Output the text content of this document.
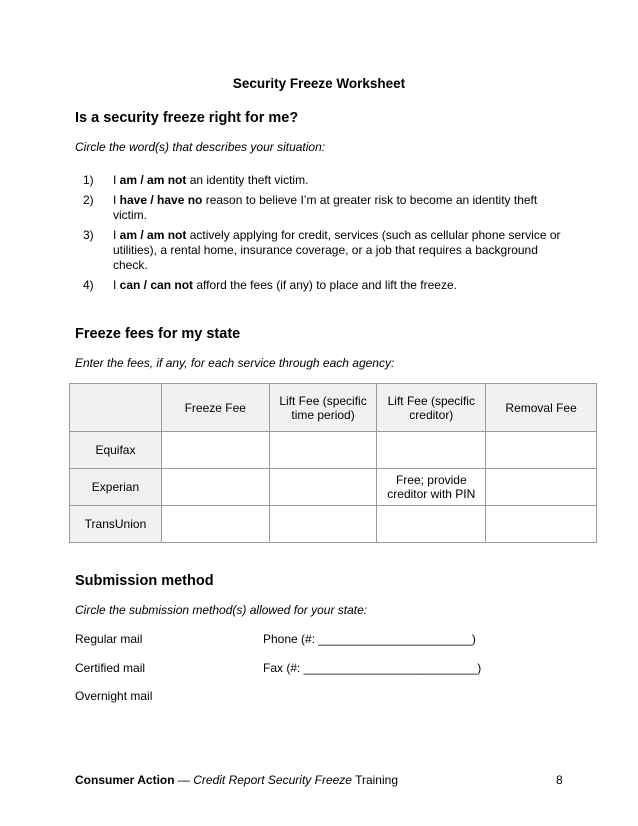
Security Freeze Worksheet
Is a security freeze right for me?
Circle the word(s) that describes your situation:
1) I am / am not an identity theft victim.
2) I have / have no reason to believe I’m at greater risk to become an identity theft victim.
3) I am / am not actively applying for credit, services (such as cellular phone service or utilities), a rental home, insurance coverage, or a job that requires a background check.
4) I can / can not afford the fees (if any) to place and lift the freeze.
Freeze fees for my state
Enter the fees, if any, for each service through each agency:
	Freeze Fee	Lift Fee (specific time period)	Lift Fee (specific creditor)	Removal Fee
Equifax				
Experian			Free; provide creditor with PIN	
TransUnion				
Submission method
Circle the submission method(s) allowed for your state:
Regular mail	Phone (#: _______________________)
Certified mail	Fax (#: __________________________)
Overnight mail
Consumer Action — Credit Report Security Freeze Training	8
